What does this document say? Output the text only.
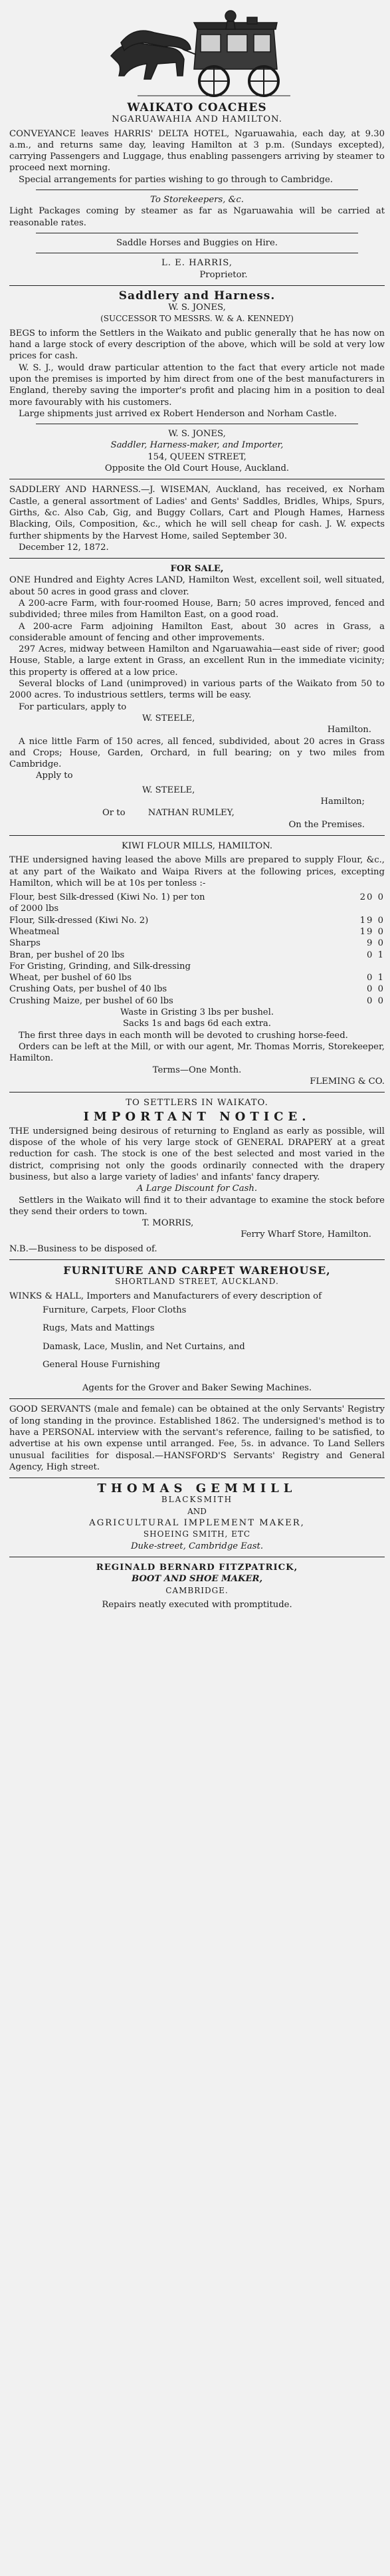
WAIKATO COACHES
NGARUAWAHIA AND HAMILTON.

CONVEYANCE leaves HARRIS' DELTA HOTEL, Ngaruawahia, each day, at 9.30 a.m., and returns same day, leaving Hamilton at 3 p.m. (Sundays excepted), carrying Passengers and Luggage, thus enabling passengers arriving by steamer to proceed next morning.

Special arrangements for parties wishing to go through to Cambridge.

To Storekeepers, &c.

Light Packages coming by steamer as far as Ngaruawahia will be carried at reasonable rates.

Saddle Horses and Buggies on Hire.
L. E. HARRIS,
Proprietor.
Saddlery and Harness.
W. S. JONES,
(SUCCESSOR TO MESSRS. W. & A. KENNEDY)

BEGS to inform the Settlers in the Waikato and public generally that he has now on hand a large stock of every description of the above, which will be sold at very low prices for cash.

W. S. J., would draw particular attention to the fact that every article not made upon the premises is imported by him direct from one of the best manufacturers in England, thereby saving the importer's profit and placing him in a position to deal more favourably with his customers.

Large shipments just arrived ex Robert Henderson and Norham Castle.

W. S. JONES,
Saddler, Harness-maker, and Importer,
154, QUEEN STREET,
Opposite the Old Court House, Auckland.

SADDLERY AND HARNESS.—J. WISEMAN, Auckland, has received, ex Norham Castle, a general assortment of Ladies' and Gents' Saddles, Bridles, Whips, Spurs, Girths, &c. Also Cab, Gig, and Buggy Collars, Cart and Plough Hames, Harness Blacking, Oils, Composition, &c., which he will sell cheap for cash. J. W. expects further shipments by the Harvest Home, sailed September 30.

December 12, 1872.
FOR SALE,

ONE Hundred and Eighty Acres LAND, Hamilton West, excellent soil, well situated, about 50 acres in good grass and clover.

A 200-acre Farm, with four-roomed House, Barn; 50 acres improved, fenced and subdivided; three miles from Hamilton East, on a good road.

A 200-acre Farm adjoining Hamilton East, about 30 acres in Grass, a considerable amount of fencing and other improvements.

297 Acres, midway between Hamilton and Ngaruawahia—east side of river; good House, Stable, a large extent in Grass, an excellent Run in the immediate vicinity; this property is offered at a low price.

Several blocks of Land (unimproved) in various parts of the Waikato from 50 to 2000 acres. To industrious settlers, terms will be easy.

For particulars, apply to

W. STEELE,
Hamilton.

A nice little Farm of 150 acres, all fenced, subdivided, about 20 acres in Grass and Crops; House, Garden, Orchard, in full bearing; on y two miles from Cambridge.

Apply to
W. STEELE,
Hamilton;
Or to	NATHAN RUMLEY,
On the Premises.
KIWI FLOUR MILLS, HAMILTON.

THE undersigned having leased the above Mills are prepared to supply Flour, &c., at any part of the Waikato and Waipa Rivers at the following prices, excepting Hamilton, which will be at 10s per tonless :-

Flour, best Silk-dressed (Kiwi No. 1) per ton	20 0
of 2000 lbs	
Flour, Silk-dressed (Kiwi No. 2)	19 0
Wheatmeal	19 0
Sharps	9 0
Bran, per bushel of 20 lbs	0 1
For Gristing, Grinding, and Silk-dressing	
Wheat, per bushel of 60 lbs	0 1
Crushing Oats, per bushel of 40 lbs	0 0
Crushing Maize, per bushel of 60 lbs	0 0
Waste in Gristing 3 lbs per bushel.
Sacks 1s and bags 6d each extra.

The first three days in each month will be devoted to crushing horse-feed.

Orders can be left at the Mill, or with our agent, Mr. Thomas Morris, Storekeeper, Hamilton.

Terms—One Month.
FLEMING & CO.
TO SETTLERS IN WAIKATO.
IMPORTANT NOTICE.

THE undersigned being desirous of returning to England as early as possible, will dispose of the whole of his very large stock of GENERAL DRAPERY at a great reduction for cash. The stock is one of the best selected and most varied in the district, comprising not only the goods ordinarily connected with the drapery business, but also a large variety of ladies' and infants' fancy drapery.

A Large Discount for Cash.

Settlers in the Waikato will find it to their advantage to examine the stock before they send their orders to town.

T. MORRIS,
Ferry Wharf Store, Hamilton.
N.B.—Business to be disposed of.
FURNITURE AND CARPET WAREHOUSE,
SHORTLAND STREET, AUCKLAND.

WINKS & HALL, Importers and Manufacturers of every description of

Furniture, Carpets, Floor Cloths
Rugs, Mats and Mattings
Damask, Lace, Muslin, and Net Curtains, and
General House Furnishing
Agents for the Grover and Baker Sewing Machines.

GOOD SERVANTS (male and female) can be obtained at the only Servants' Registry of long standing in the province. Established 1862. The undersigned's method is to have a PERSONAL interview with the servant's reference, failing to be satisfied, to advertise at his own expense until arranged. Fee, 5s. in advance. To Land Sellers unusual facilities for disposal.—HANSFORD'S Servants' Registry and General Agency, High street.

THOMAS GEMMILL
BLACKSMITH
AND
AGRICULTURAL IMPLEMENT MAKER,
SHOEING SMITH, ETC
Duke-street, Cambridge East.
REGINALD BERNARD FITZPATRICK,
BOOT AND SHOE MAKER,
CAMBRIDGE.
Repairs neatly executed with promptitude.
